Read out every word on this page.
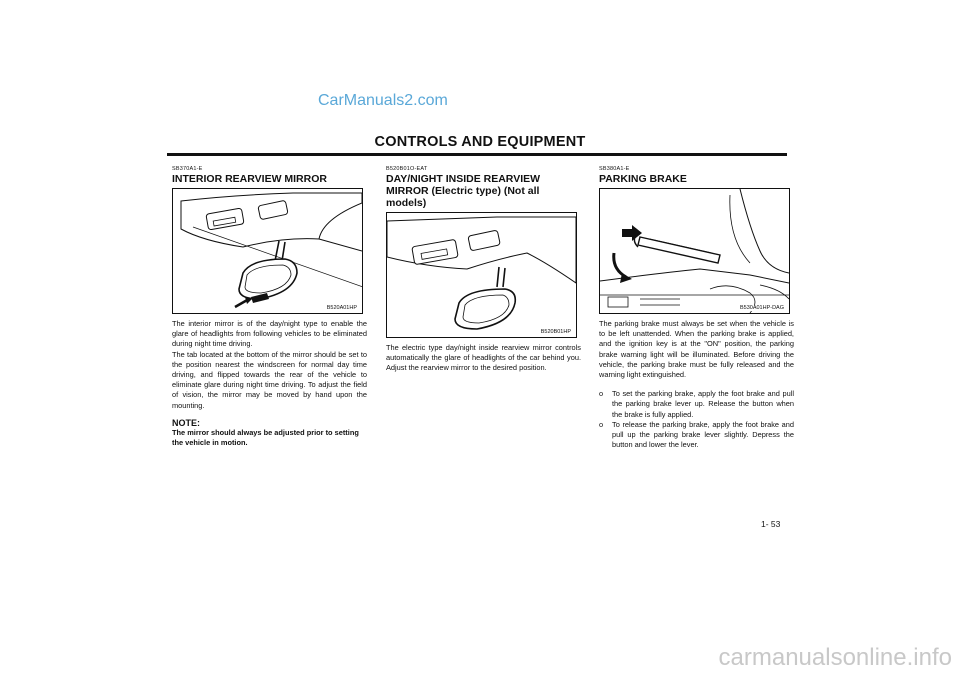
CarManuals2.com
CONTROLS AND EQUIPMENT
SB370A1-E
INTERIOR REARVIEW MIRROR
B520A01HP
The interior mirror is of the day/night type to enable the glare of headlights from following vehicles to be eliminated during night time driving.
The tab located at the bottom of the mirror should be set to the position nearest the windscreen for normal day time driving, and flipped towards the rear of the vehicle to eliminate glare during night time driving. To adjust the field of vision, the mirror may be moved by hand upon the mounting.
NOTE:
The mirror should always be adjusted prior to setting the vehicle in motion.
B520B01O-EAT
DAY/NIGHT INSIDE REARVIEW MIRROR (Electric type) (Not all models)
B520B01HP
The electric type day/night inside rearview mirror controls automatically the glare of headlights of the car behind you. Adjust the rearview mirror to the desired position.
SB380A1-E
PARKING BRAKE
B530A01HP-DAG
The parking brake must always be set when the vehicle is to be left unattended. When the parking brake is applied, and the ignition key is at the "ON" position, the parking brake warning light will be illuminated. Before driving the vehicle, the parking brake must be fully released and the warning light extinguished.
o	To set the parking brake, apply the foot brake and pull the parking brake lever up. Release the button when the brake is fully applied.
o	To release the parking brake, apply the foot brake and pull up the parking brake lever slightly. Depress the button and lower the lever.
1- 53
carmanualsonline.info
